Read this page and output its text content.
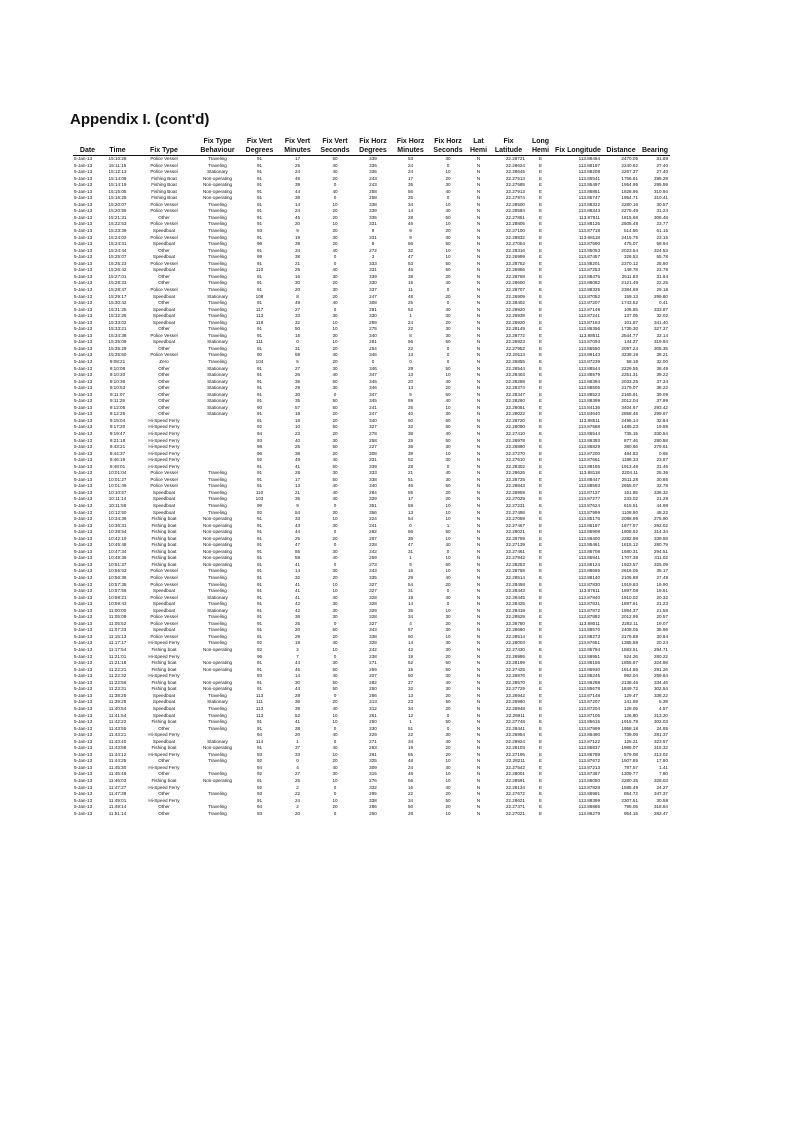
Appendix I. (cont'd)
Date	Time	Fix Type	Fix Type Behaviour	Fix Vert Degrees	Fix Vert Minutes	Fix Vert Seconds	Fix Horz Degrees	Fix Horz Minutes	Fix Horz Seconds	Lat Hemi	Fix Latitude	Long Hemi	Fix Longitude	Distance	Bearing
5-Jan-13	15:10:28	Police Vessel	Traveling	91	17	50	339	53	30	N	22.28721	E	113.88464	2470.05	31.89
5-Jan-13	15:11:15	Police Vessel	Traveling	91	25	40	335	24	0	N	22.28624	E	113.88197	2240.62	27.40
5-Jan-13	15:12:13	Police Vessel	Stationary	91	24	40	335	24	10	N	22.28645	E	113.88208	2267.37	27.40
5-Jan-13	15:14:08	Fishing Boat	Non-operating	91	48	20	243	17	20	N	22.27513	E	113.85541	1766.61	295.29
5-Jan-13	15:14:19	Fishing Boat	Non-operating	91	39	0	243	35	30	N	22.27585	E	113.85497	1954.95	295.59
5-Jan-13	15:15:05	Fishing Boat	Non-operating	91	44	40	258	56	40	N	22.27913	E	113.85851	1828.95	310.94
5-Jan-13	15:16:25	Fishing Boat	Non-operating	91	38	0	258	25	0	N	22.27974	E	113.85747	1954.71	310.41
5-Jan-13	15:20:07	Police Vessel	Traveling	91	14	10	338	34	10	N	22.28500	E	113.88322	2280.16	30.57
5-Jan-13	15:20:55	Police Vessel	Traveling	91	24	20	339	14	40	N	22.28584	E	113.88343	2275.49	31.24
5-Jan-13	15:21:31	Other	Traveling	91	45	20	335	28	50	N	22.27851	E	113.87811	1815.68	308.48
5-Jan-13	15:22:53	Police Vessel	Traveling	91	20	10	331	46	10	N	22.28805	E	113.88135	2505.48	23.77
5-Jan-13	15:23:39	Speedboat	Traveling	93	9	20	9	9	20	N	22.27100	E	113.87718	514.56	61.15
5-Jan-13	15:24:02	Police Vessel	Traveling	91	19	30	331	9	30	N	22.28832	E	113.88118	2415.75	23.15
5-Jan-13	15:24:31	Speedboat	Traveling	96	39	20	8	56	50	N	22.27054	E	113.87590	475.07	58.94
5-Jan-13	15:24:44	Other	Traveling	91	34	40	272	32	10	N	22.28316	E	113.85053	2023.54	324.53
5-Jan-13	15:25:07	Speedboat	Traveling	99	38	0	3	47	10	N	22.26999	E	113.87457	326.53	55.78
5-Jan-13	15:25:23	Police Vessel	Traveling	91	21	0	333	53	50	N	22.28752	E	113.88201	2370.12	25.80
5-Jan-13	15:26:42	Speedboat	Traveling	110	25	40	331	46	50	N	22.26956	E	113.87253	148.78	23.78
5-Jan-13	15:27:01	Other	Traveling	91	16	30	339	38	20	N	22.28758	E	113.88475	2511.83	31.64
5-Jan-13	15:28:33	Other	Traveling	91	30	20	330	15	40	N	22.28600	E	113.88082	2121.49	22.25
5-Jan-13	15:28:47	Police Vessel	Traveling	91	20	30	337	11	0	N	22.28707	E	113.88325	2384.69	29.18
5-Jan-13	15:29:17	Speedboat	Stationary	108	8	20	247	48	20	N	22.26909	E	113.87052	159.13	299.80
5-Jan-13	15:30:42	Other	Traveling	91	49	40	308	25	0	N	22.28402	E	113.87207	1743.52	0.41
5-Jan-13	15:31:25	Speedboat	Traveling	117	27	0	281	52	40	N	22.26920	E	113.87149	105.65	333.87
5-Jan-13	15:32:26	Speedboat	Traveling	113	33	30	330	1	30	N	22.26939	E	113.87241	137.05	32.02
5-Jan-13	15:33:02	Speedboat	Traveling	118	32	10	289	24	20	N	22.26920	E	113.87163	101.87	341.40
5-Jan-13	15:33:21	Other	Traveling	91	50	10	275	22	30	N	22.28149	E	113.86356	1735.30	327.37
5-Jan-13	15:34:38	Police Vessel	Traveling	91	15	30	340	8	30	N	22.28772	E	113.88511	2544.77	32.14
5-Jan-13	15:35:09	Speedboat	Stationary	111	0	10	281	56	50	N	22.26923	E	113.87093	144.27	319.94
5-Jan-13	15:35:29	Other	Traveling	91	31	20	254	22	0	N	22.27952	E	113.85550	2097.24	305.35
5-Jan-13	15:35:50	Police Vessel	Traveling	90	59	40	346	13	0	N	22.29113	E	113.89143	3238.19	38.21
5-Jan-13	9:08:21	Zero	Traveling	104	5	20	0	0	0	N	22.26855	E	113.87239	58.19	32.00
5-Jan-13	9:10:08	Other	Stationary	91	27	30	346	29	50	N	22.28544	E	113.88544	2229.55	38.49
5-Jan-13	9:10:20	Other	Stationary	91	26	40	347	13	10	N	22.28403	E	113.88579	2251.31	39.22
5-Jan-13	9:10:36	Other	Stationary	91	35	50	345	20	40	N	22.28288	E	113.88394	2033.25	37.34
5-Jan-13	9:10:53	Other	Stationary	91	29	30	346	13	20	N	22.28374	E	113.88505	2179.07	38.22
5-Jan-13	9:11:07	Other	Stationary	91	30	0	347	5	50	N	22.28347	E	113.88523	2165.81	39.09
5-Jan-13	9:11:29	Other	Stationary	91	35	50	345	59	40	N	22.28260	E	113.88399	2012.04	37.99
5-Jan-13	9:12:05	Other	Stationary	90	57	50	241	25	10	N	22.28051	E	113.84136	3404.67	293.42
5-Jan-13	9:12:25	Other	Stationary	91	19	20	247	40	30	N	22.28022	E	113.84640	2858.46	299.67
5-Jan-13	9:15:04	Hi-Speed Ferry		91	18	20	340	50	50	N	22.28720	E	113.88511	2495.14	32.84
5-Jan-13	9:17:20	Hi-Speed Ferry		92	10	50	327	32	50	N	22.28090	E	113.87568	1485.23	19.88
5-Jan-13	9:19:47	Hi-Speed Ferry		94	23	20	278	38	40	N	22.27410	E	113.86544	735.15	330.54
5-Jan-13	9:21:18	Hi-Speed Ferry		93	40	30	258	25	50	N	22.26978	E	113.86393	877.46	280.58
5-Jan-13	9:43:21	Hi-Speed Ferry		98	25	50	227	36	30	N	22.26890	E	113.86829	380.66	279.61
5-Jan-13	9:44:37	Hi-Speed Ferry		96	38	20	308	39	10	N	22.27270	E	113.87200	484.83	0.65
5-Jan-13	9:46:19	Hi-Speed Ferry		92	49	40	331	52	30	N	22.27610	E	113.87661	1186.33	23.87
5-Jan-13	9:48:01	Hi-Speed Ferry		91	41	50	339	28	0	N	22.28302	E	113.88165	1913.48	31.46
5-Jan-13	10:01:04	Police Vessel	Traveling	91	28	30	333	21	40	N	22.28626	E	113.88118	2204.11	25.36
5-Jan-13	10:01:27	Police Vessel	Traveling	91	17	50	338	51	30	N	22.28725	E	113.88447	2511.28	30.85
5-Jan-13	10:01:49	Police Vessel	Traveling	91	13	40	340	46	50	N	22.28843	E	113.88593	2655.07	32.78
5-Jan-13	10:10:57	Speedboat	Traveling	110	21	40	284	55	20	N	22.26959	E	113.87137	151.85	336.32
5-Jan-13	10:11:14	Speedboat	Traveling	103	35	40	329	17	20	N	22.27029	E	113.87277	233.02	21.29
5-Jan-13	10:11:58	Speedboat	Traveling	99	9	0	351	59	10	N	22.27231	E	113.87624	615.51	44.98
5-Jan-13	10:12:50	Speedboat	Traveling	92	54	30	356	13	10	N	22.27498	E	113.87999	1108.80	48.22
5-Jan-13	10:34:36	Fishing boat	Non-operating	91	33	10	224	54	10	N	22.27059	E	113.85176	2088.99	275.90
5-Jan-13	10:36:31	Fishing boat	Non-operating	91	43	30	241	0	1	N	22.27467	E	113.85197	1877.97	292.02
5-Jan-13	10:38:54	Fishing boat	Non-operating	91	44	0	262	56	50	N	22.28021	E	113.85908	1808.62	314.34
5-Jan-13	10:42:19	Fishing boat	Non-operating	91	25	20	287	35	10	N	22.28759	E	113.86400	2282.98	339.58
5-Jan-13	10:45:48	Fishing boat	Non-operating	91	47	0	228	47	40	N	22.27139	E	113.85461	1815.12	280.79
5-Jan-13	10:47:34	Fishing boat	Non-operating	91	55	30	242	31	0	N	22.27461	E	113.85708	1680.31	294.51
5-Jan-13	10:49:36	Fishing boat	Non-operating	91	59	40	259	1	10	N	22.27842	E	113.85941	1707.38	311.02
5-Jan-13	10:51:37	Fishing boat	Non-operating	91	41	0	273	5	50	N	22.28253	E	113.86124	1923.57	325.09
5-Jan-13	10:55:53	Police Vessel	Traveling	91	14	30	343	16	10	N	22.28758	E	113.88665	2616.05	35.17
5-Jan-13	10:56:36	Police Vessel	Traveling	91	32	20	335	29	40	N	22.28514	E	113.88140	2105.88	27.49
5-Jan-13	10:57:35	Police Vessel	Traveling	91	41	10	327	54	20	N	22.28458	E	113.87830	1919.83	19.90
5-Jan-13	10:57:56	Speedboat	Traveling	91	41	10	327	31	0	N	22.28443	E	113.87811	1897.08	19.51
5-Jan-13	10:58:21	Police Vessel	Stationary	91	41	40	328	19	40	N	22.28445	E	113.87840	1910.02	20.32
5-Jan-13	10:59:43	Speedboat	Traveling	91	42	30	328	14	0	N	22.28425	E	113.87831	1897.61	21.23
5-Jan-13	11:00:00	Speedboat	Stationary	91	42	30	329	35	10	N	22.28419	E	113.87872	1894.37	21.58
5-Jan-13	11:05:09	Police Vessel	Traveling	91	36	30	328	34	30	N	22.28529	E	113.87882	2012.95	20.57
5-Jan-13	11:05:52	Police Vessel	Traveling	91	25	0	327	4	20	N	22.28780	E	113.88011	2282.11	19.07
5-Jan-13	11:07:33	Speedboat	Traveling	91	20	50	343	57	30	N	22.28660	E	113.88570	2408.05	35.96
5-Jan-13	11:15:13	Police Vessel	Traveling	91	29	20	338	50	10	N	22.28514	E	113.88273	2175.88	30.84
5-Jan-13	11:17:17	Hi-Speed Ferry	Traveling	92	19	40	328	14	30	N	22.28003	E	113.87651	1385.58	20.24
5-Jan-13	11:17:54	Fishing boat	Non-operating	92	2	10	242	42	30	N	22.27430	E	113.85794	1583.51	294.71
5-Jan-13	11:21:01	Hi-Speed Ferry		96	7	0	238	19	20	N	22.26995	E	113.86951	524.26	280.22
5-Jan-13	11:21:18	Fishing boat	Non-operating	91	44	30	271	52	50	N	22.28199	E	113.86155	1855.87	324.88
5-Jan-13	11:22:21	Fishing boat	Non-operating	91	45	50	259	15	50	N	22.27425	E	113.85930	1814.86	291.26
5-Jan-13	11:22:32	Hi-Speed Ferry		93	14	40	207	50	30	N	22.26876	E	113.85245	992.04	259.84
5-Jan-13	11:22:56	Fishing boat	Non-operating	91	30	50	282	37	40	N	22.28570	E	113.86298	2138.46	334.46
5-Jan-13	11:23:31	Fishing boat	Non-operating	91	44	50	250	32	30	N	22.27729	E	113.85678	1849.72	302.54
5-Jan-13	11:38:25	Speedboat	Traveling	113	28	0	286	13	20	N	22.26942	E	113.87148	129.47	338.22
5-Jan-13	11:39:28	Speedboat	Stationary	111	36	20	313	23	50	N	22.26960	E	113.87207	141.59	5.39
5-Jan-13	11:40:54	Speedboat	Traveling	113	39	40	312	34	20	N	22.26948	E	113.87204	128.05	4.57
5-Jan-13	11:41:54	Speedboat	Traveling	113	52	10	261	12	0	N	22.26911	E	113.87105	126.80	313.20
5-Jan-13	11:42:22	Fishing boat	Traveling	91	41	10	250	1	50	N	22.27748	E	113.85615	1915.78	302.03
5-Jan-13	11:43:55	Other	Traveling	91	38	0	330	51	0	N	22.28441	E	113.87999	1958.18	24.85
5-Jan-13	11:43:21	Hi-Speed Ferry		94	20	40	229	22	30	N	22.26954	E	113.86490	739.09	281.37
5-Jan-13	11:43:40	Speedboat	Stationary	114	1	0	271	34	40	N	22.26924	E	113.87122	125.21	323.57
5-Jan-13	11:43:58	Fishing boat	Non-operating	91	37	40	263	19	20	N	22.28103	E	113.85837	1985.07	315.32
5-Jan-13	11:44:12	Hi-Speed Ferry	Traveling	93	33	10	261	55	20	N	22.27195	E	113.86789	579.08	313.02
5-Jan-13	11:44:25	Other	Traveling	92	0	20	325	48	10	N	22.28211	E	113.87672	1507.85	17.80
5-Jan-13	11:45:30	Hi-Speed Ferry		94	4	40	309	24	40	N	22.27542	E	113.87213	787.57	1.41
5-Jan-13	11:45:46	Other	Traveling	92	27	30	315	48	10	N	22.28001	E	113.87367	1309.77	7.80
5-Jan-13	11:46:03	Fishing boat	Non-operating	91	25	10	276	56	10	N	22.28591	E	113.86050	2280.35	328.03
5-Jan-13	11:47:27	Hi-Speed Ferry		92	2	0	332	16	40	N	22.28134	E	113.87828	1585.49	24.27
5-Jan-13	11:47:38	Other	Traveling	93	22	0	295	22	20	N	22.27672	E	113.86991	854.72	347.37
5-Jan-13	11:49:01	Hi-Speed Ferry		91	24	10	338	34	50	N	22.28621	E	113.88399	2307.51	30.58
5-Jan-13	11:49:14	Other	Traveling	94	2	20	286	50	20	N	22.27371	E	113.86885	795.05	318.84
5-Jan-13	11:51:14	Other	Traveling	93	20	0	250	28	10	N	22.27021	E	113.86279	954.15	282.47
